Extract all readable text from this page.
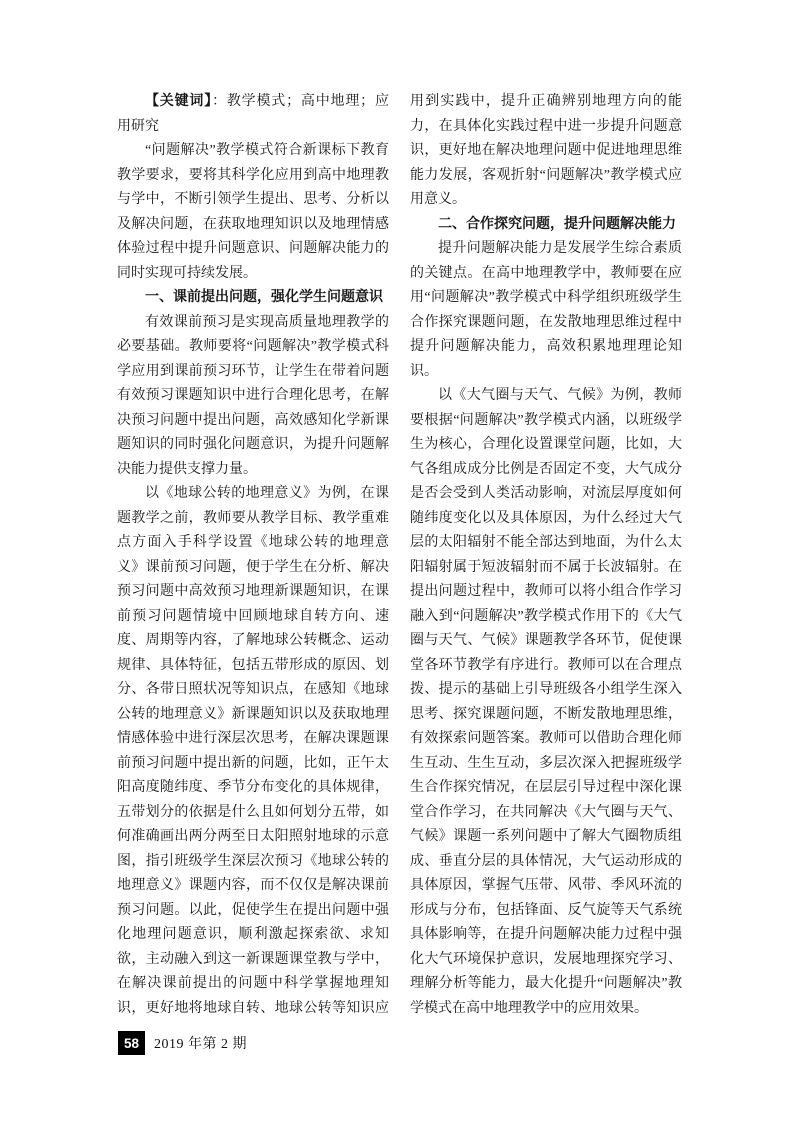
【关键词】：教学模式；高中地理；应用研究

“问题解决”教学模式符合新课标下教育教学要求，要将其科学化应用到高中地理教与学中，不断引领学生提出、思考、分析以及解决问题，在获取地理知识以及地理情感体验过程中提升问题意识、问题解决能力的同时实现可持续发展。

一、课前提出问题，强化学生问题意识

有效课前预习是实现高质量地理教学的必要基础。教师要将“问题解决”教学模式科学应用到课前预习环节，让学生在带着问题有效预习课题知识中进行合理化思考，在解决预习问题中提出问题，高效感知化学新课题知识的同时强化问题意识，为提升问题解决能力提供支撑力量。

以《地球公转的地理意义》为例，在课题教学之前，教师要从教学目标、教学重难点方面入手科学设置《地球公转的地理意义》课前预习问题，便于学生在分析、解决预习问题中高效预习地理新课题知识，在课前预习问题情境中回顾地球自转方向、速度、周期等内容，了解地球公转概念、运动规律、具体特征，包括五带形成的原因、划分、各带日照状况等知识点，在感知《地球公转的地理意义》新课题知识以及获取地理情感体验中进行深层次思考，在解决课题课前预习问题中提出新的问题，比如，正午太阳高度随纬度、季节分布变化的具体规律，五带划分的依据是什么且如何划分五带，如何准确画出两分两至日太阳照射地球的示意图，指引班级学生深层次预习《地球公转的地理意义》课题内容，而不仅仅是解决课前预习问题。以此，促使学生在提出问题中强化地理问题意识，顺利激起探索欲、求知欲，主动融入到这一新课题课堂教与学中，在解决课前提出的问题中科学掌握地理知识，更好地将地球自转、地球公转等知识应

用到实践中，提升正确辨别地理方向的能力，在具体化实践过程中进一步提升问题意识，更好地在解决地理问题中促进地理思维能力发展，客观折射“问题解决”教学模式应用意义。

二、合作探究问题，提升问题解决能力

提升问题解决能力是发展学生综合素质的关键点。在高中地理教学中，教师要在应用“问题解决”教学模式中科学组织班级学生合作探究课题问题，在发散地理思维过程中提升问题解决能力，高效积累地理理论知识。

以《大气圈与天气、气候》为例，教师要根据“问题解决”教学模式内涵，以班级学生为核心，合理化设置课堂问题，比如，大气各组成成分比例是否固定不变，大气成分是否会受到人类活动影响，对流层厚度如何随纬度变化以及具体原因，为什么经过大气层的太阳辐射不能全部达到地面，为什么太阳辐射属于短波辐射而不属于长波辐射。在提出问题过程中，教师可以将小组合作学习融入到“问题解决”教学模式作用下的《大气圈与天气、气候》课题教学各环节，促使课堂各环节教学有序进行。教师可以在合理点拨、提示的基础上引导班级各小组学生深入思考、探究课题问题，不断发散地理思维，有效探索问题答案。教师可以借助合理化师生互动、生生互动，多层次深入把握班级学生合作探究情况，在层层引导过程中深化课堂合作学习，在共同解决《大气圈与天气、气候》课题一系列问题中了解大气圈物质组成、垂直分层的具体情况，大气运动形成的具体原因，掌握气压带、风带、季风环流的形成与分布，包括锋面、反气旋等天气系统具体影响等，在提升问题解决能力过程中强化大气环境保护意识，发展地理探究学习、理解分析等能力，最大化提升“问题解决”教学模式在高中地理教学中的应用效果。

58	2019 年第 2 期
